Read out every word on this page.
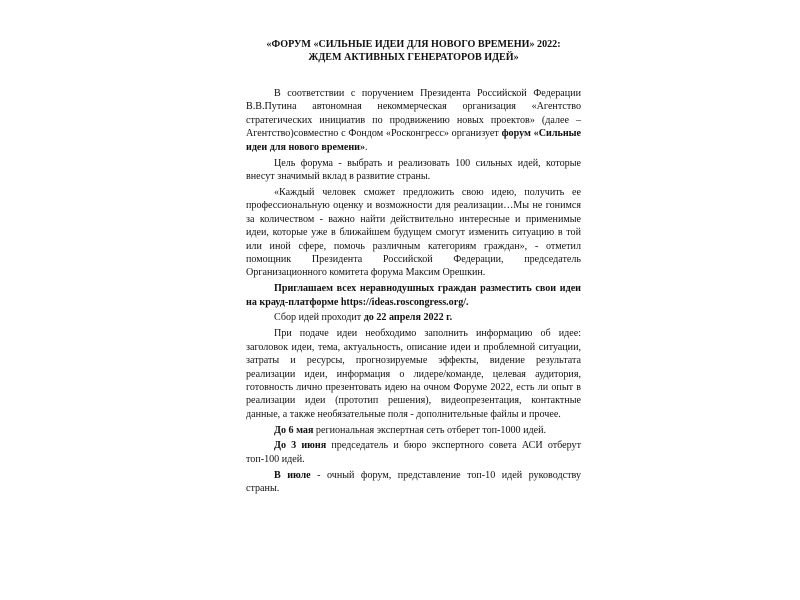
«ФОРУМ «СИЛЬНЫЕ ИДЕИ ДЛЯ НОВОГО ВРЕМЕНИ» 2022:
ЖДЕМ АКТИВНЫХ ГЕНЕРАТОРОВ ИДЕЙ»

В соответствии с поручением Президента Российской Федерации В.В.Путина автономная некоммерческая организация «Агентство стратегических инициатив по продвижению новых проектов» (далее – Агентство)совместно с Фондом «Росконгресс» организует форум «Сильные идеи для нового времени».

Цель форума - выбрать и реализовать 100 сильных идей, которые внесут значимый вклад в развитие страны.

«Каждый человек сможет предложить свою идею, получить ее профессиональную оценку и возможности для реализации…Мы не гонимся за количеством - важно найти действительно интересные и применимые идеи, которые уже в ближайшем будущем смогут изменить ситуацию в той или иной сфере, помочь различным категориям граждан», - отметил помощник Президента Российской Федерации, председатель Организационного комитета форума Максим Орешкин.

Приглашаем всех неравнодушных граждан разместить свои идеи на крауд-платформе https://ideas.roscongress.org/.

Сбор идей проходит до 22 апреля 2022 г.

При подаче идеи необходимо заполнить информацию об идее: заголовок идеи, тема, актуальность, описание идеи и проблемной ситуации, затраты и ресурсы, прогнозируемые эффекты, видение результата реализации идеи, информация о лидере/команде, целевая аудитория, готовность лично презентовать идею на очном Форуме 2022, есть ли опыт в реализации идеи (прототип решения), видеопрезентация, контактные данные, а также необязательные поля - дополнительные файлы и прочее.

До 6 мая региональная экспертная сеть отберет топ-1000 идей.

До 3 июня председатель и бюро экспертного совета АСИ отберут топ-100 идей.

В июле - очный форум, представление топ-10 идей руководству страны.
